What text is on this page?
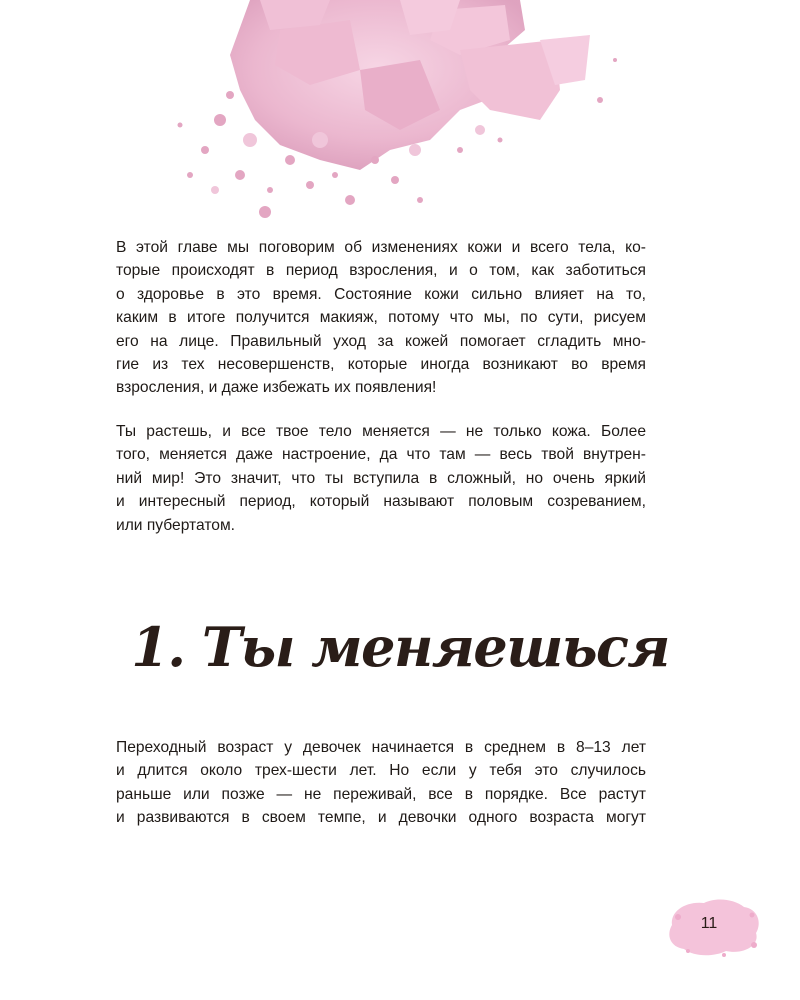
В этой главе мы поговорим об изменениях кожи и всего тела, ко-
торые происходят в период взросления, и о том, как заботиться
о здоровье в это время. Состояние кожи сильно влияет на то,
каким в итоге получится макияж, потому что мы, по сути, рисуем
его на лице. Правильный уход за кожей помогает сгладить мно-
гие из тех несовершенств, которые иногда возникают во время
взросления, и даже избежать их появления!

Ты растешь, и все твое тело меняется — не только кожа. Более
того, меняется даже настроение, да что там — весь твой внутрен-
ний мир! Это значит, что ты вступила в сложный, но очень яркий
и интересный период, который называют половым созреванием,
или пубертатом.

1. Ты меняешься

Переходный возраст у девочек начинается в среднем в 8–13 лет
и длится около трех-шести лет. Но если у тебя это случилось
раньше или позже — не переживай, все в порядке. Все растут
и развиваются в своем темпе, и девочки одного возраста могут

11
